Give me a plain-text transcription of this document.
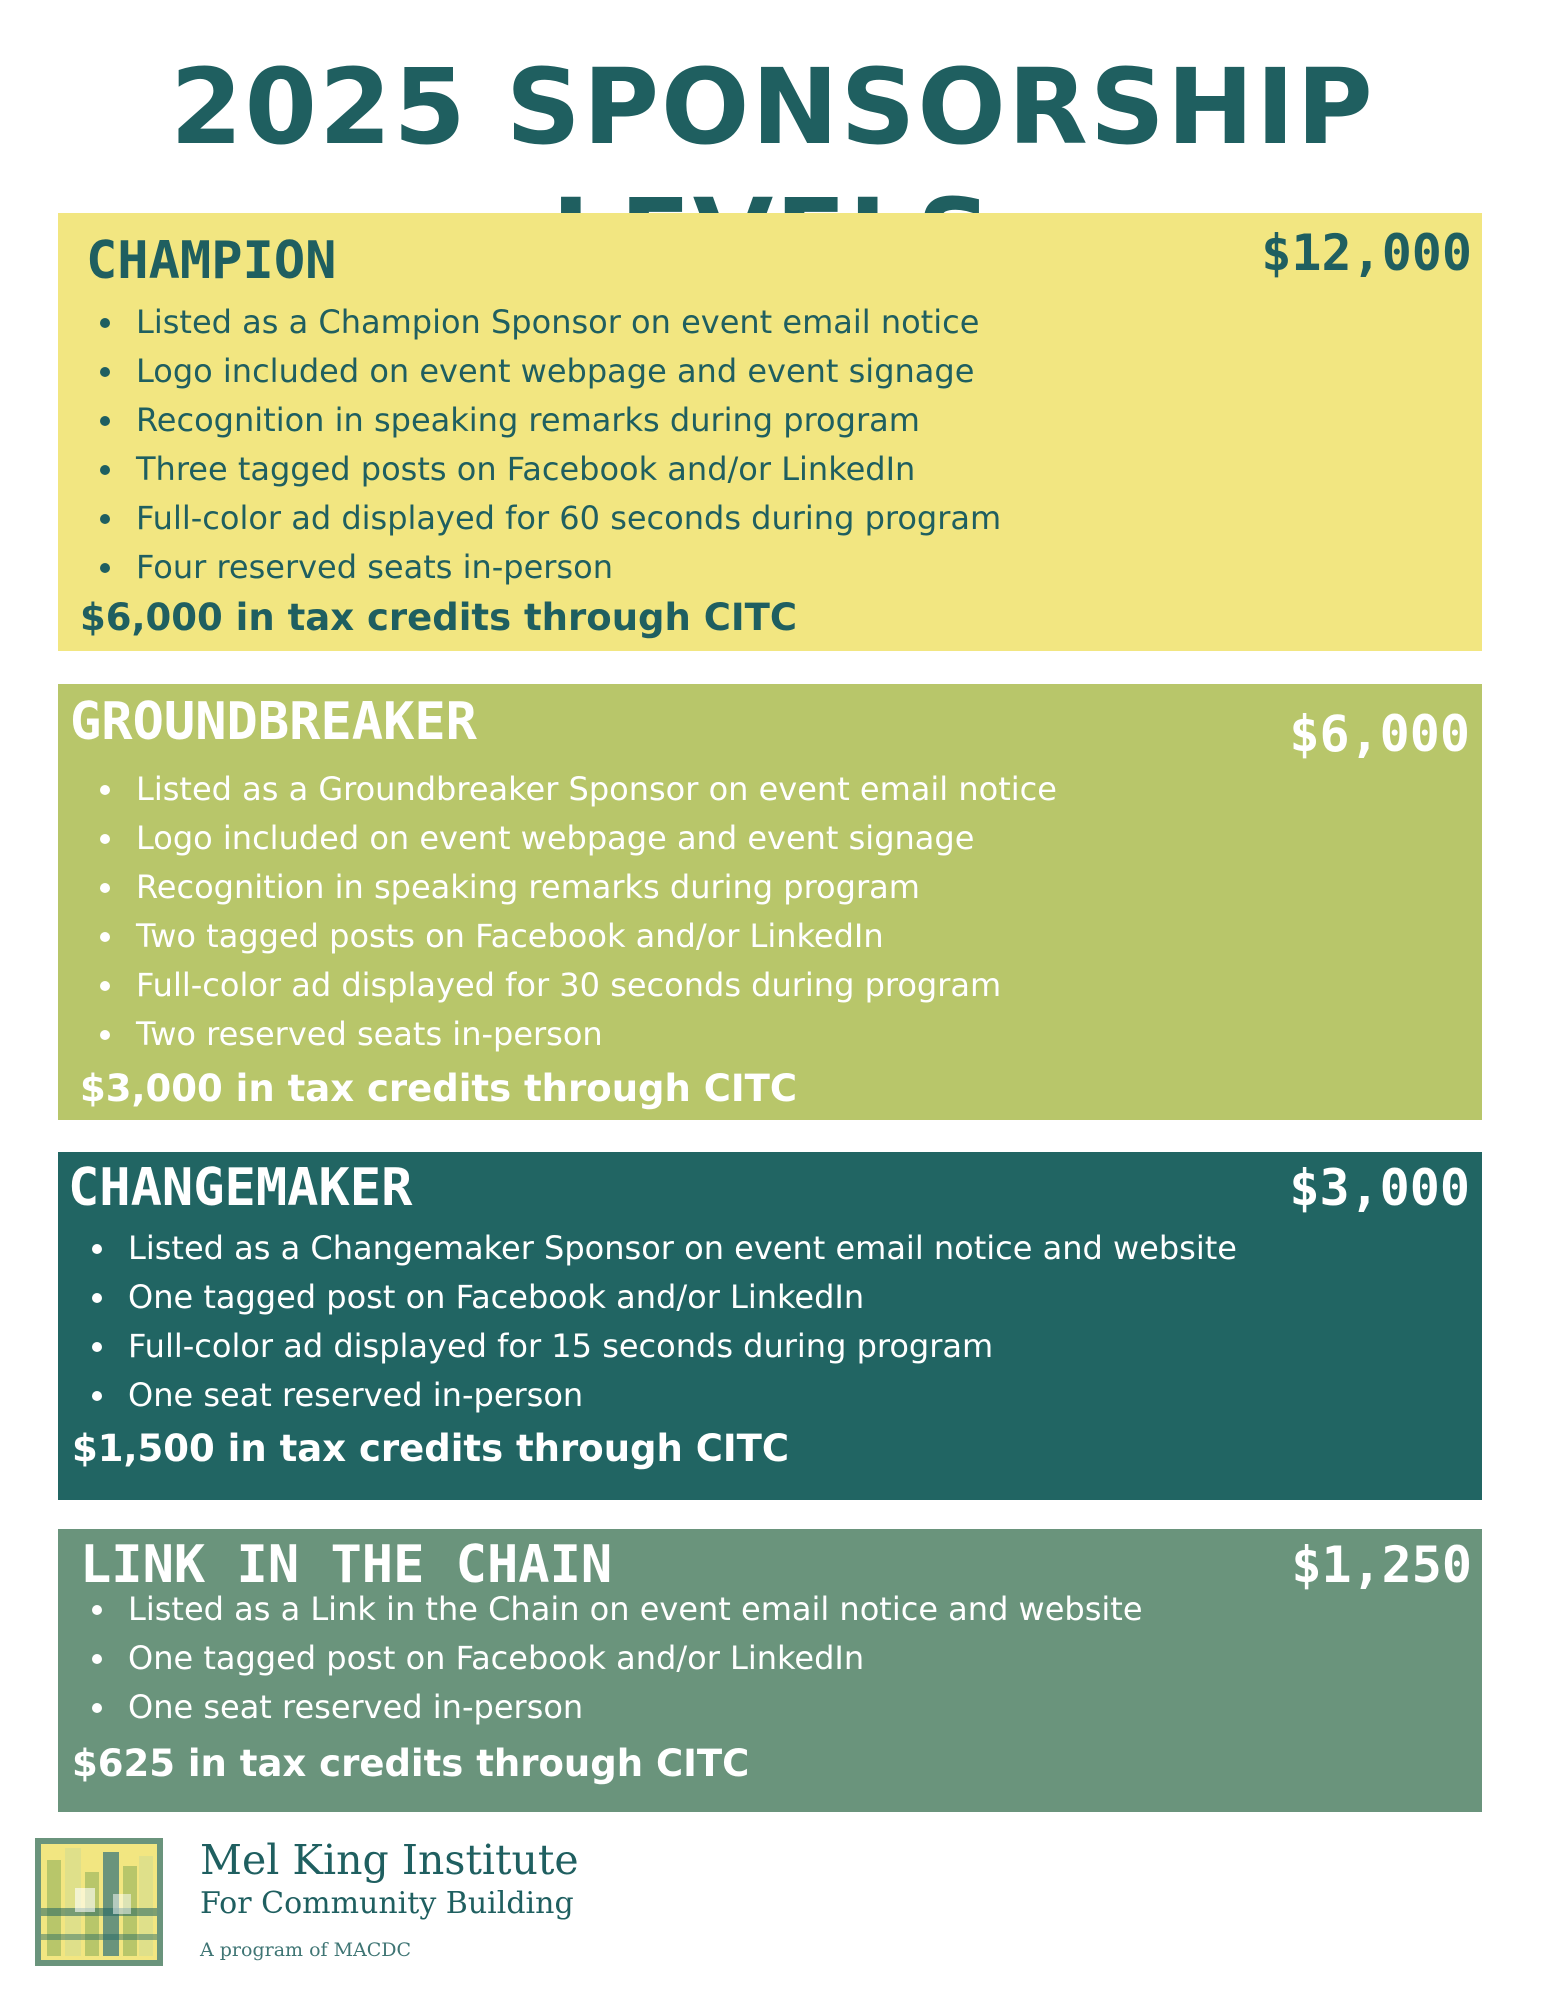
2025 SPONSORSHIP
CHAMPION	$12,000
Listed as a Champion Sponsor on event email notice
Logo included on event webpage and event signage
Recognition in speaking remarks during program
Three tagged posts on Facebook and/or LinkedIn
Full-color ad displayed for 60 seconds during program
Four reserved seats in-person
$6,000 in tax credits through CITC
GROUNDBREAKER	$6,000
Listed as a Groundbreaker Sponsor on event email notice
Logo included on event webpage and event signage
Recognition in speaking remarks during program
Two tagged posts on Facebook and/or LinkedIn
Full-color ad displayed for 30 seconds during program
Two reserved seats in-person
$3,000 in tax credits through CITC
CHANGEMAKER	$3,000
Listed as a Changemaker Sponsor on event email notice and website
One tagged post on Facebook and/or LinkedIn
Full-color ad displayed for 15 seconds during program
One seat reserved in-person
$1,500 in tax credits through CITC
LINK IN THE CHAIN	$1,250
Listed as a Link in the Chain on event email notice and website
One tagged post on Facebook and/or LinkedIn
One seat reserved in-person
$625 in tax credits through CITC
Mel King Institute
For Community Building
A program of MACDC
